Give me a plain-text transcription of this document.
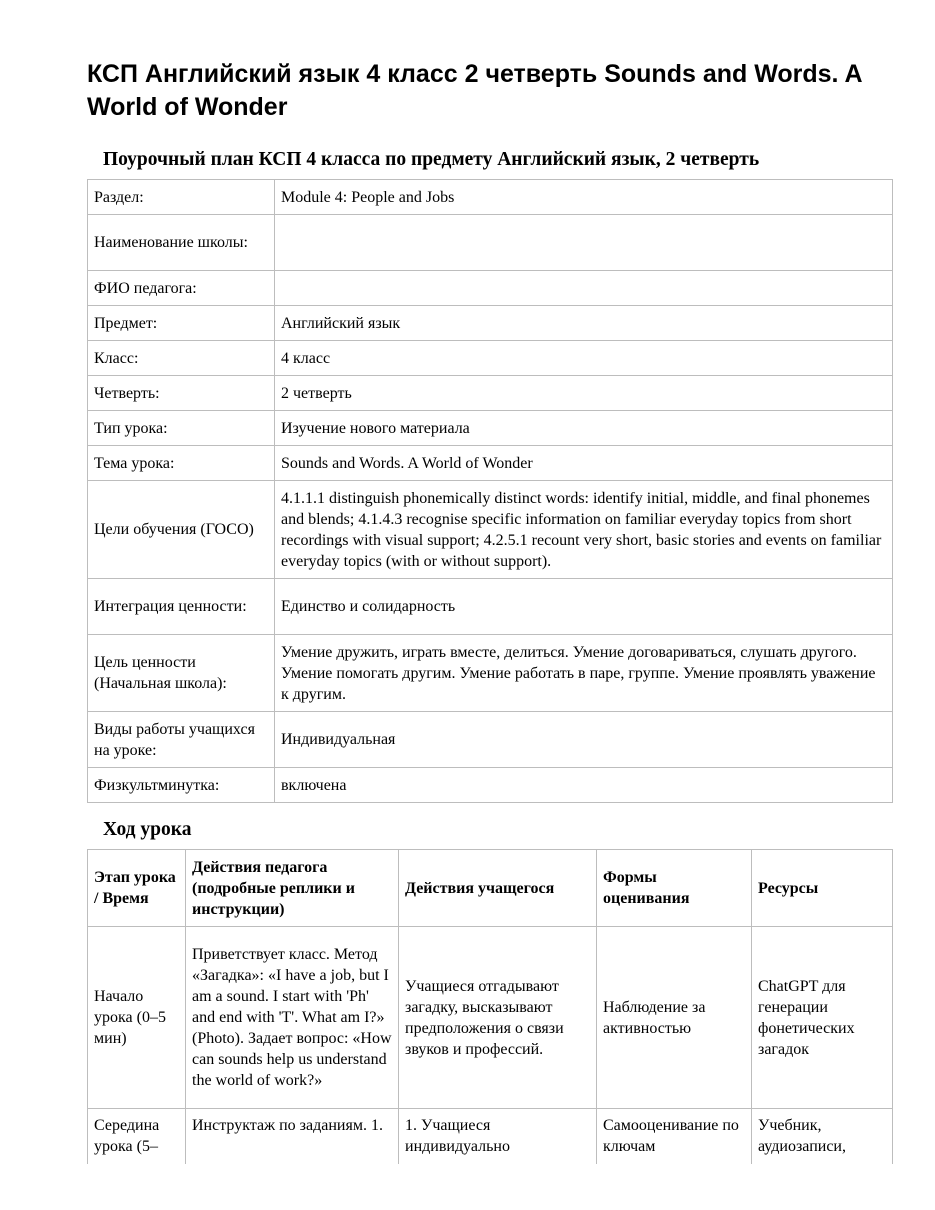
КСП Английский язык 4 класс 2 четверть Sounds and Words. A World of Wonder
Поурочный план КСП 4 класса по предмету Английский язык, 2 четверть
Раздел:	Module 4: People and Jobs
Наименование школы:	
ФИО педагога:	
Предмет:	Английский язык
Класс:	4 класс
Четверть:	2 четверть
Тип урока:	Изучение нового материала
Тема урока:	Sounds and Words. A World of Wonder
Цели обучения (ГОСО)	4.1.1.1 distinguish phonemically distinct words: identify initial, middle, and final phonemes and blends; 4.1.4.3 recognise specific information on familiar everyday topics from short recordings with visual support; 4.2.5.1 recount very short, basic stories and events on familiar everyday topics (with or without support).
Интеграция ценности:	Единство и солидарность
Цель ценности (Начальная школа):	Умение дружить, играть вместе, делиться. Умение договариваться, слушать другого. Умение помогать другим. Умение работать в паре, группе. Умение проявлять уважение к другим.
Виды работы учащихся на уроке:	Индивидуальная
Физкультминутка:	включена
Ход урока
Этап урока / Время	Действия педагога (подробные реплики и инструкции)	Действия учащегося	Формы оценивания	Ресурсы
Начало урока (0–5 мин)	Приветствует класс. Метод «Загадка»: «I have a job, but I am a sound. I start with 'Ph' and end with 'T'. What am I?» (Photo). Задает вопрос: «How can sounds help us understand the world of work?»	Учащиеся отгадывают загадку, высказывают предположения о связи звуков и профессий.	Наблюдение за активностью	ChatGPT для генерации фонетических загадок
Середина урока (5–	Инструктаж по заданиям. 1.	1. Учащиеся индивидуально	Самооценивание по ключам	Учебник, аудиозаписи,
